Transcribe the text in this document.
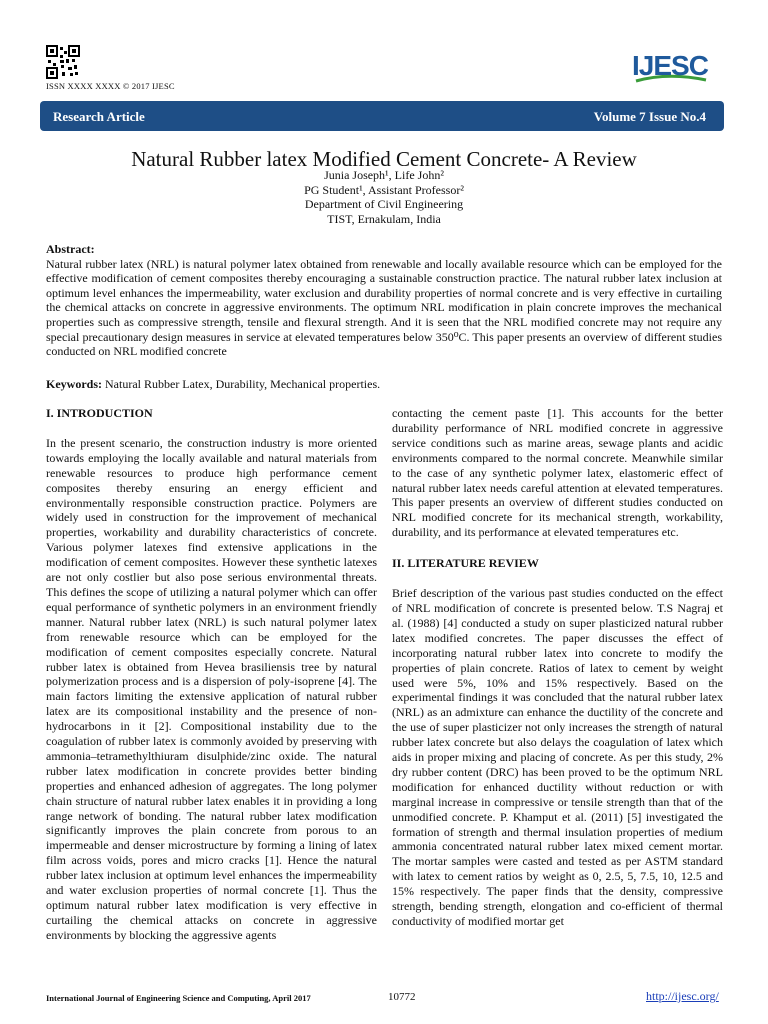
ISSN XXXX XXXX © 2017 IJESC
IJESC
Research Article	Volume 7 Issue No.4
Natural Rubber latex Modified Cement Concrete- A Review
Junia Joseph¹, Life John²
PG Student¹, Assistant Professor²
Department of Civil Engineering
TIST, Ernakulam, India
Abstract:
Natural rubber latex (NRL) is natural polymer latex obtained from renewable and locally available resource which can be employed for the effective modification of cement composites thereby encouraging a sustainable construction practice. The natural rubber latex inclusion at optimum level enhances the impermeability, water exclusion and durability properties of normal concrete and is very effective in curtailing the chemical attacks on concrete in aggressive environments. The optimum NRL modification in plain concrete improves the mechanical properties such as compressive strength, tensile and flexural strength. And it is seen that the NRL modified concrete may not require any special precautionary design measures in service at elevated temperatures below 350⁰C. This paper presents an overview of different studies conducted on NRL modified concrete
Keywords: Natural Rubber Latex, Durability, Mechanical properties.
I. INTRODUCTION

In the present scenario, the construction industry is more oriented towards employing the locally available and natural materials from renewable resources to produce high performance cement composites thereby ensuring an energy efficient and environmentally responsible construction practice. Polymers are widely used in construction for the improvement of mechanical properties, workability and durability characteristics of concrete. Various polymer latexes find extensive applications in the modification of cement composites. However these synthetic latexes are not only costlier but also pose serious environmental threats. This defines the scope of utilizing a natural polymer which can offer equal performance of synthetic polymers in an environment friendly manner. Natural rubber latex (NRL) is such natural polymer latex from renewable resource which can be employed for the modification of cement composites especially concrete. Natural rubber latex is obtained from Hevea brasiliensis tree by natural polymerization process and is a dispersion of poly-isoprene [4]. The main factors limiting the extensive application of natural rubber latex are its compositional instability and the presence of non- hydrocarbons in it [2]. Compositional instability due to the coagulation of rubber latex is commonly avoided by preserving with ammonia–tetramethylthiuram disulphide/zinc oxide. The natural rubber latex modification in concrete provides better binding properties and enhanced adhesion of aggregates. The long polymer chain structure of natural rubber latex enables it in providing a long range network of bonding. The natural rubber latex modification significantly improves the plain concrete from porous to an impermeable and denser microstructure by forming a lining of latex film across voids, pores and micro cracks [1]. Hence the natural rubber latex inclusion at optimum level enhances the impermeability and water exclusion properties of normal concrete [1]. Thus the optimum natural rubber latex modification is very effective in curtailing the chemical attacks on concrete in aggressive environments by blocking the aggressive agents

contacting the cement paste [1]. This accounts for the better durability performance of NRL modified concrete in aggressive service conditions such as marine areas, sewage plants and acidic environments compared to the normal concrete. Meanwhile similar to the case of any synthetic polymer latex, elastomeric effect of natural rubber latex needs careful attention at elevated temperatures. This paper presents an overview of different studies conducted on NRL modified concrete for its mechanical strength, workability, durability, and its performance at elevated temperatures etc.

II. LITERATURE REVIEW

Brief description of the various past studies conducted on the effect of NRL modification of concrete is presented below. T.S Nagraj et al. (1988) [4] conducted a study on super plasticized natural rubber latex modified concretes. The paper discusses the effect of incorporating natural rubber latex into concrete to modify the properties of plain concrete. Ratios of latex to cement by weight used were 5%, 10% and 15% respectively. Based on the experimental findings it was concluded that the natural rubber latex (NRL) as an admixture can enhance the ductility of the concrete and the use of super plasticizer not only increases the strength of natural rubber latex concrete but also delays the coagulation of latex which aids in proper mixing and placing of concrete. As per this study, 2% dry rubber content (DRC) has been proved to be the optimum NRL modification for enhanced ductility without reduction or with marginal increase in compressive or tensile strength than that of the unmodified concrete. P. Khamput et al. (2011) [5] investigated the formation of strength and thermal insulation properties of medium ammonia concentrated natural rubber latex mixed cement mortar. The mortar samples were casted and tested as per ASTM standard with latex to cement ratios by weight as 0, 2.5, 5, 7.5, 10, 12.5 and 15% respectively. The paper finds that the density, compressive strength, bending strength, elongation and co-efficient of thermal conductivity of modified mortar get

International Journal of Engineering Science and Computing, April 2017	10772	http://ijesc.org/
